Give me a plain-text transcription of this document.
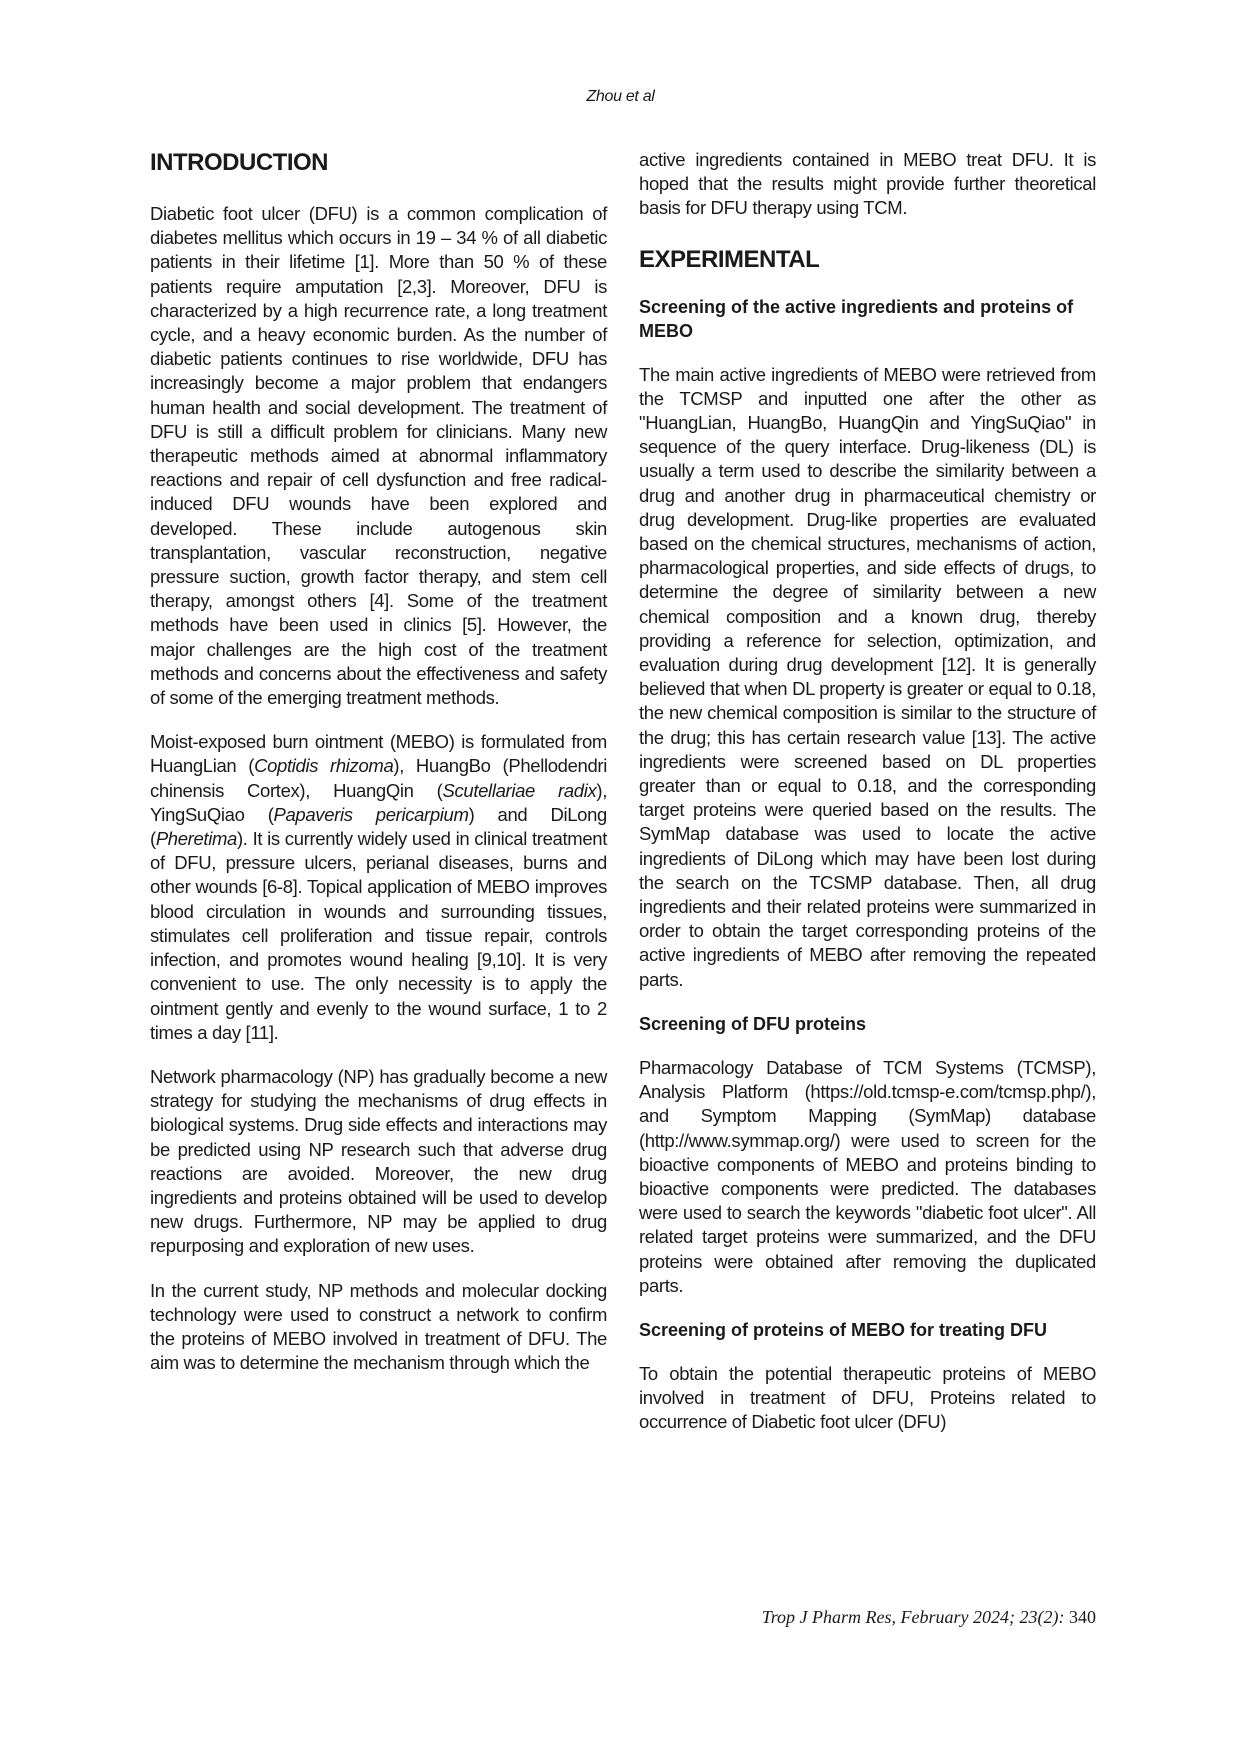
Zhou et al
INTRODUCTION

Diabetic foot ulcer (DFU) is a common complication of diabetes mellitus which occurs in 19 – 34 % of all diabetic patients in their lifetime [1]. More than 50 % of these patients require amputation [2,3]. Moreover, DFU is characterized by a high recurrence rate, a long treatment cycle, and a heavy economic burden. As the number of diabetic patients continues to rise worldwide, DFU has increasingly become a major problem that endangers human health and social development. The treatment of DFU is still a difficult problem for clinicians. Many new therapeutic methods aimed at abnormal inflammatory reactions and repair of cell dysfunction and free radical-induced DFU wounds have been explored and developed. These include autogenous skin transplantation, vascular reconstruction, negative pressure suction, growth factor therapy, and stem cell therapy, amongst others [4]. Some of the treatment methods have been used in clinics [5]. However, the major challenges are the high cost of the treatment methods and concerns about the effectiveness and safety of some of the emerging treatment methods.

Moist-exposed burn ointment (MEBO) is formulated from HuangLian (Coptidis rhizoma), HuangBo (Phellodendri chinensis Cortex), HuangQin (Scutellariae radix), YingSuQiao (Papaveris pericarpium) and DiLong (Pheretima). It is currently widely used in clinical treatment of DFU, pressure ulcers, perianal diseases, burns and other wounds [6-8]. Topical application of MEBO improves blood circulation in wounds and surrounding tissues, stimulates cell proliferation and tissue repair, controls infection, and promotes wound healing [9,10]. It is very convenient to use. The only necessity is to apply the ointment gently and evenly to the wound surface, 1 to 2 times a day [11].

Network pharmacology (NP) has gradually become a new strategy for studying the mechanisms of drug effects in biological systems. Drug side effects and interactions may be predicted using NP research such that adverse drug reactions are avoided. Moreover, the new drug ingredients and proteins obtained will be used to develop new drugs. Furthermore, NP may be applied to drug repurposing and exploration of new uses.

In the current study, NP methods and molecular docking technology were used to construct a network to confirm the proteins of MEBO involved in treatment of DFU. The aim was to determine the mechanism through which the

active ingredients contained in MEBO treat DFU. It is hoped that the results might provide further theoretical basis for DFU therapy using TCM.

EXPERIMENTAL
Screening of the active ingredients and proteins of MEBO

The main active ingredients of MEBO were retrieved from the TCMSP and inputted one after the other as "HuangLian, HuangBo, HuangQin and YingSuQiao" in sequence of the query interface. Drug-likeness (DL) is usually a term used to describe the similarity between a drug and another drug in pharmaceutical chemistry or drug development. Drug-like properties are evaluated based on the chemical structures, mechanisms of action, pharmacological properties, and side effects of drugs, to determine the degree of similarity between a new chemical composition and a known drug, thereby providing a reference for selection, optimization, and evaluation during drug development [12]. It is generally believed that when DL property is greater or equal to 0.18, the new chemical composition is similar to the structure of the drug; this has certain research value [13]. The active ingredients were screened based on DL properties greater than or equal to 0.18, and the corresponding target proteins were queried based on the results. The SymMap database was used to locate the active ingredients of DiLong which may have been lost during the search on the TCSMP database. Then, all drug ingredients and their related proteins were summarized in order to obtain the target corresponding proteins of the active ingredients of MEBO after removing the repeated parts.

Screening of DFU proteins

Pharmacology Database of TCM Systems (TCMSP), Analysis Platform (https://old.tcmsp-e.com/tcmsp.php/), and Symptom Mapping (SymMap) database (http://www.symmap.org/) were used to screen for the bioactive components of MEBO and proteins binding to bioactive components were predicted. The databases were used to search the keywords "diabetic foot ulcer". All related target proteins were summarized, and the DFU proteins were obtained after removing the duplicated parts.

Screening of proteins of MEBO for treating DFU

To obtain the potential therapeutic proteins of MEBO involved in treatment of DFU, Proteins related to occurrence of Diabetic foot ulcer (DFU)

Trop J Pharm Res, February 2024; 23(2): 340
